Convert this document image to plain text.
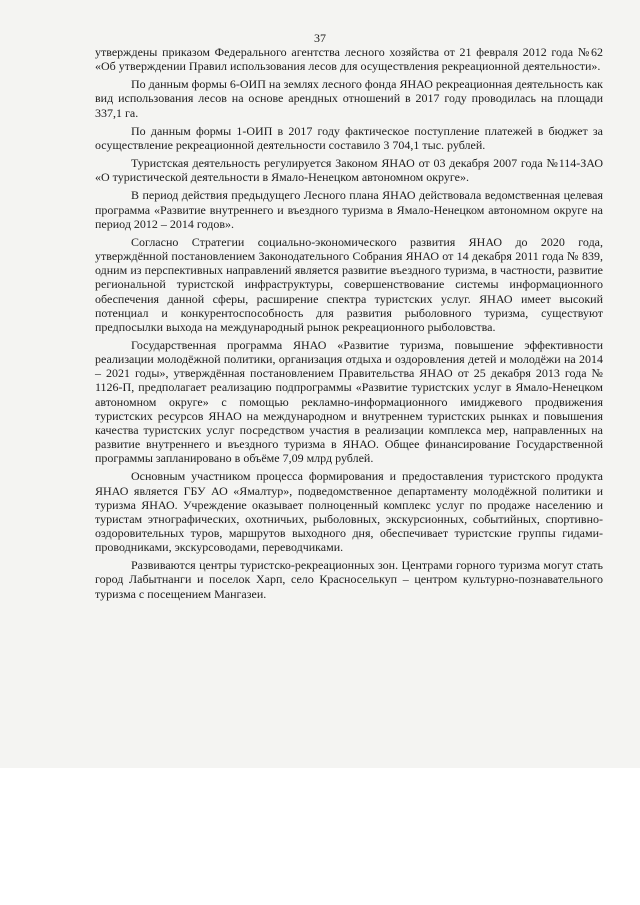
37

утверждены приказом Федерального агентства лесного хозяйства от 21 февраля 2012 года №62 «Об утверждении Правил использования лесов для осуществления рекреационной деятельности».

По данным формы 6-ОИП на землях лесного фонда ЯНАО рекреационная деятельность как вид использования лесов на основе арендных отношений в 2017 году проводилась на площади 337,1 га.

По данным формы 1-ОИП в 2017 году фактическое поступление платежей в бюджет за осуществление рекреационной деятельности составило 3 704,1 тыс. рублей.

Туристская деятельность регулируется Законом ЯНАО от 03 декабря 2007 года №114-ЗАО «О туристической деятельности в Ямало-Ненецком автономном округе».

В период действия предыдущего Лесного плана ЯНАО действовала ведомственная целевая программа «Развитие внутреннего и въездного туризма в Ямало-Ненецком автономном округе на период 2012 – 2014 годов».

Согласно Стратегии социально-экономического развития ЯНАО до 2020 года, утверждённой постановлением Законодательного Собрания ЯНАО от 14 декабря 2011 года № 839, одним из перспективных направлений является развитие въездного туризма, в частности, развитие региональной туристской инфраструктуры, совершенствование системы информационного обеспечения данной сферы, расширение спектра туристских услуг. ЯНАО имеет высокий потенциал и конкурентоспособность для развития рыболовного туризма, существуют предпосылки выхода на международный рынок рекреационного рыболовства.

Государственная программа ЯНАО «Развитие туризма, повышение эффективности реализации молодёжной политики, организация отдыха и оздоровления детей и молодёжи на 2014 – 2021 годы», утверждённая постановлением Правительства ЯНАО от 25 декабря 2013 года № 1126-П, предполагает реализацию подпрограммы «Развитие туристских услуг в Ямало-Ненецком автономном округе» с помощью рекламно-информационного имиджевого продвижения туристских ресурсов ЯНАО на международном и внутреннем туристских рынках и повышения качества туристских услуг посредством участия в реализации комплекса мер, направленных на развитие внутреннего и въездного туризма в ЯНАО. Общее финансирование Государственной программы запланировано в объёме 7,09 млрд рублей.

Основным участником процесса формирования и предоставления туристского продукта ЯНАО является ГБУ АО «Ямалтур», подведомственное департаменту молодёжной политики и туризма ЯНАО. Учреждение оказывает полноценный комплекс услуг по продаже населению и туристам этнографических, охотничьих, рыболовных, экскурсионных, событийных, спортивно-оздоровительных туров, маршрутов выходного дня, обеспечивает туристские группы гидами-проводниками, экскурсоводами, переводчиками.

Развиваются центры туристско-рекреационных зон. Центрами горного туризма могут стать город Лабытнанги и поселок Харп, село Красноселькуп – центром культурно-познавательного туризма с посещением Мангазеи.
